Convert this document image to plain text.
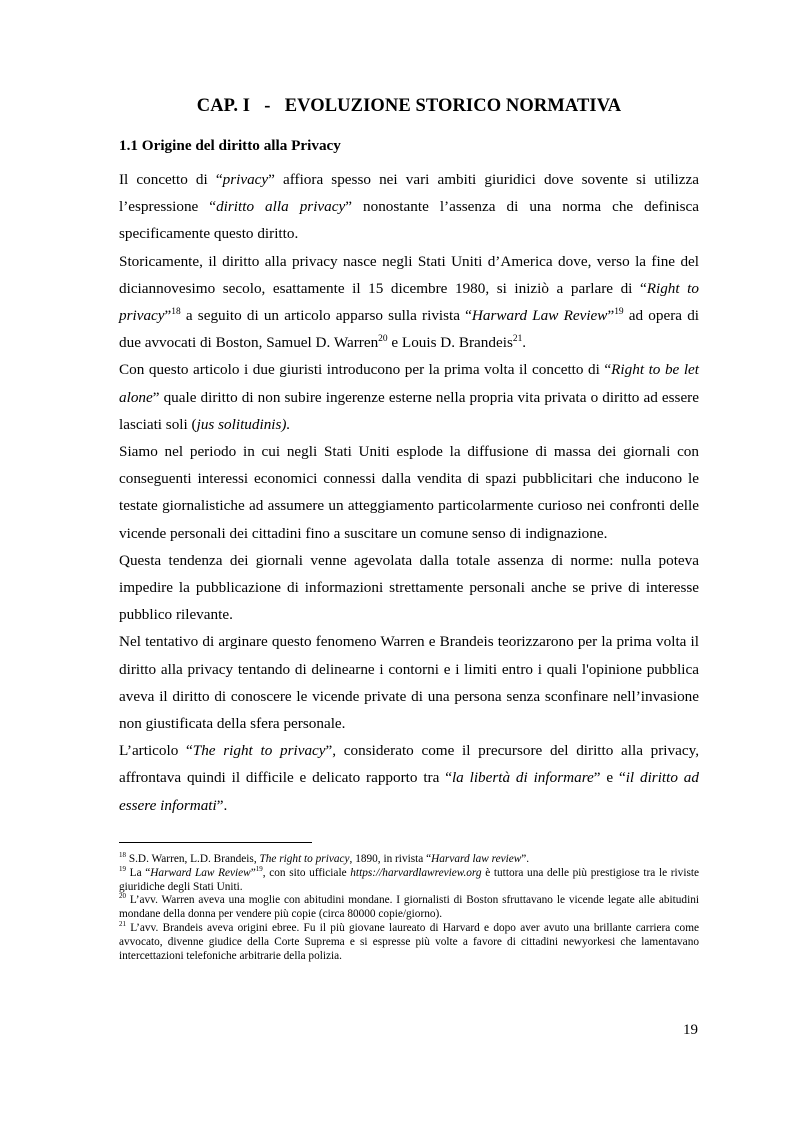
CAP. I   -   EVOLUZIONE STORICO NORMATIVA
1.1 Origine del diritto alla Privacy

Il concetto di “privacy” affiora spesso nei vari ambiti giuridici dove sovente si utilizza l’espressione “diritto alla privacy” nonostante l’assenza di una norma che definisca specificamente questo diritto.

Storicamente, il diritto alla privacy nasce negli Stati Uniti d’America dove, verso la fine del diciannovesimo secolo, esattamente il 15 dicembre 1980, si iniziò a parlare di “Right to privacy”$^{18}$ a seguito di un articolo apparso sulla rivista “Harward Law Review”$^{19}$ ad opera di due avvocati di Boston, Samuel D. Warren$^{20}$ e Louis D. Brandeis$^{21}$.

Con questo articolo i due giuristi introducono per la prima volta il concetto di “Right to be let alone” quale diritto di non subire ingerenze esterne nella propria vita privata o diritto ad essere lasciati soli (jus solitudinis).

Siamo nel periodo in cui negli Stati Uniti esplode la diffusione di massa dei giornali con conseguenti interessi economici connessi dalla vendita di spazi pubblicitari che inducono le testate giornalistiche ad assumere un atteggiamento particolarmente curioso nei confronti delle vicende personali dei cittadini fino a suscitare un comune senso di indignazione.

Questa tendenza dei giornali venne agevolata dalla totale assenza di norme: nulla poteva impedire la pubblicazione di informazioni strettamente personali anche se prive di interesse pubblico rilevante.

Nel tentativo di arginare questo fenomeno Warren e Brandeis teorizzarono per la prima volta il diritto alla privacy tentando di delinearne i contorni e i limiti entro i quali l'opinione pubblica aveva il diritto di conoscere le vicende private di una persona senza sconfinare nell’invasione non giustificata della sfera personale.

L’articolo “The right to privacy”, considerato come il precursore del diritto alla privacy, affrontava quindi il difficile e delicato rapporto tra “la libertà di informare” e “il diritto ad essere informati”.

$^{18}$ S.D. Warren, L.D. Brandeis, The right to privacy, 1890, in rivista “Harvard law review”.

$^{19}$ La “Harward Law Review”$^{19}$, con sito ufficiale https://harvardlawreview.org è tuttora una delle più prestigiose tra le riviste giuridiche degli Stati Uniti.

$^{20}$ L’avv. Warren aveva una moglie con abitudini mondane. I giornalisti di Boston sfruttavano le vicende legate alle abitudini mondane della donna per vendere più copie (circa 80000 copie/giorno).

$^{21}$ L’avv. Brandeis aveva origini ebree. Fu il più giovane laureato di Harvard e dopo aver avuto una brillante carriera come avvocato, divenne giudice della Corte Suprema e si espresse più volte a favore di cittadini newyorkesi che lamentavano intercettazioni telefoniche arbitrarie della polizia.

19
